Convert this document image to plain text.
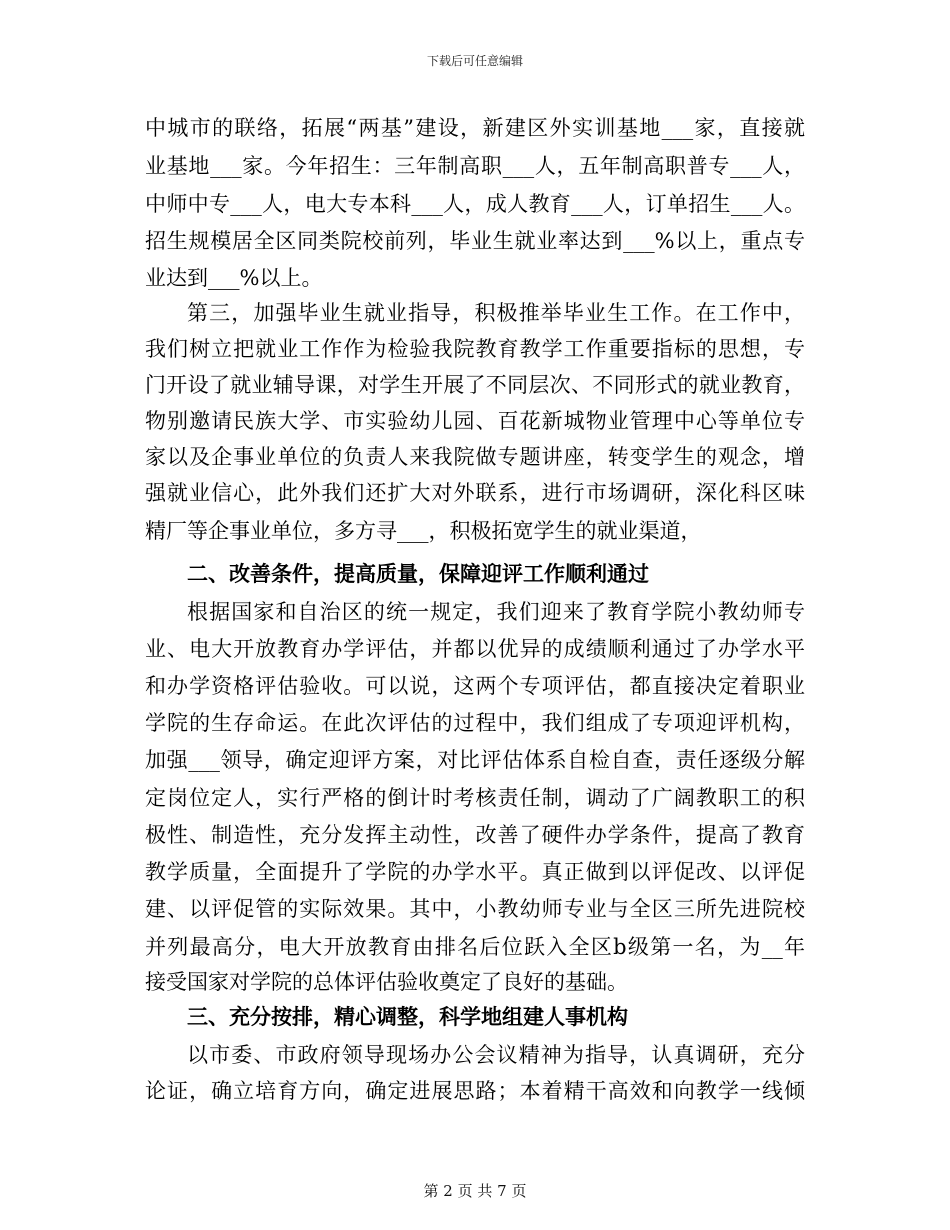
下载后可任意编辑
中城市的联络，拓展“两基”建设，新建区外实训基地___家，直接就
业基地___家。今年招生：三年制高职___人，五年制高职普专___人，
中师中专___人，电大专本科___人，成人教育___人，订单招生___人。
招生规模居全区同类院校前列，毕业生就业率达到___%以上，重点专
业达到___%以上。
第三，加强毕业生就业指导，积极推举毕业生工作。在工作中，
我们树立把就业工作作为检验我院教育教学工作重要指标的思想，专
门开设了就业辅导课，对学生开展了不同层次、不同形式的就业教育，
物别邀请民族大学、市实验幼儿园、百花新城物业管理中心等单位专
家以及企事业单位的负责人来我院做专题讲座，转变学生的观念，增
强就业信心，此外我们还扩大对外联系，进行市场调研，深化科区味
精厂等企事业单位，多方寻___，积极拓宽学生的就业渠道，
二、改善条件，提高质量，保障迎评工作顺利通过
根据国家和自治区的统一规定，我们迎来了教育学院小教幼师专
业、电大开放教育办学评估，并都以优异的成绩顺利通过了办学水平
和办学资格评估验收。可以说，这两个专项评估，都直接决定着职业
学院的生存命运。在此次评估的过程中，我们组成了专项迎评机构，
加强___领导，确定迎评方案，对比评估体系自检自查，责任逐级分解
定岗位定人，实行严格的倒计时考核责任制，调动了广阔教职工的积
极性、制造性，充分发挥主动性，改善了硬件办学条件，提高了教育
教学质量，全面提升了学院的办学水平。真正做到以评促改、以评促
建、以评促管的实际效果。其中，小教幼师专业与全区三所先进院校
并列最高分，电大开放教育由排名后位跃入全区b级第一名，为__年
接受国家对学院的总体评估验收奠定了良好的基础。
三、充分按排，精心调整，科学地组建人事机构
以市委、市政府领导现场办公会议精神为指导，认真调研，充分
论证，确立培育方向，确定进展思路；本着精干高效和向教学一线倾
第 2 页 共 7 页
